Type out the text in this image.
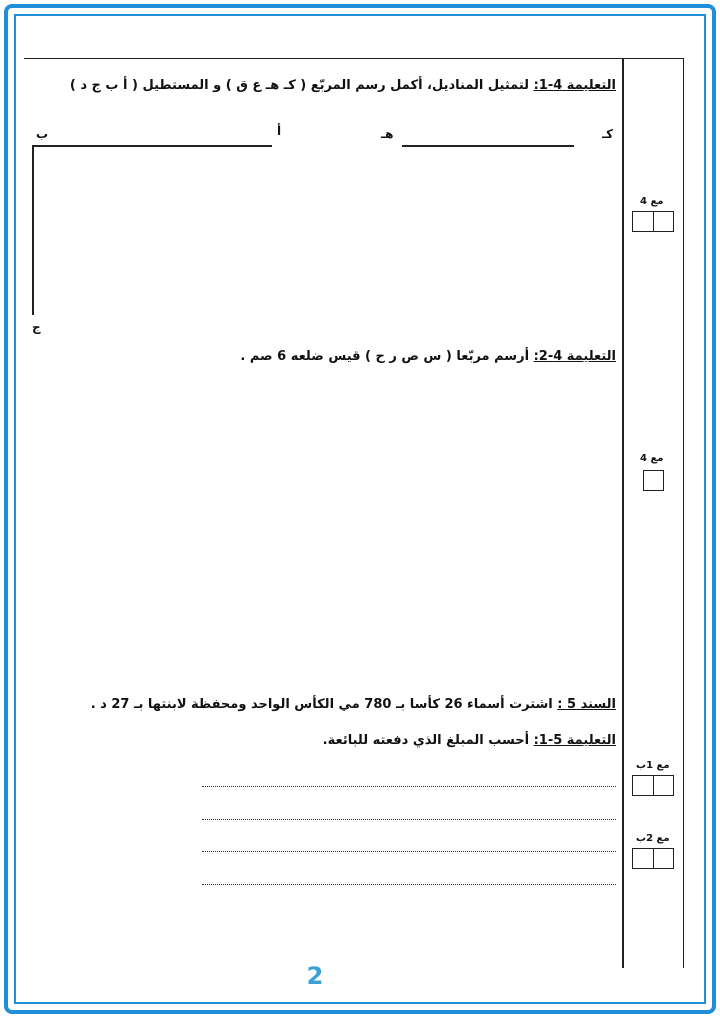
التعليمة 4-1: لتمثيل المناديل، أكمل رسم المربّع ( كـ هـ ع ق ) و المستطيل ( أ ب ج د )
ب	أ	هـ	كـ
ج
التعليمة 4-2: أرسم مربّعا ( س ص ر ح ) قيس ضلعه 6 صم .
السند 5 : اشترت أسماء 26 كأسا بـ 780 مي الكأس الواحد ومحفظة لابنتها بـ 27 د .
التعليمة 5-1: أحسب المبلغ الذي دفعته للبائعة.
مع 4
مع 4
مع 1ب
مع 2ب
2
